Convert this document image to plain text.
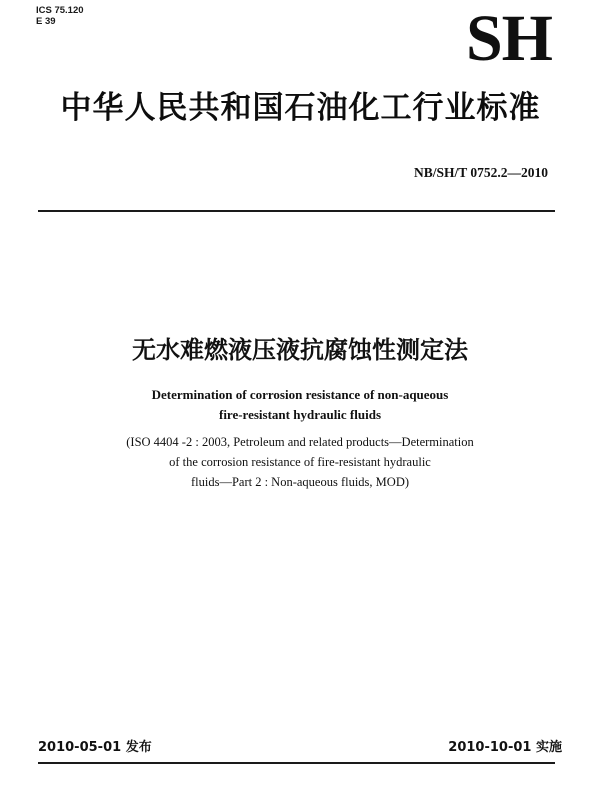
ICS 75.120
E 39	SH
中华人民共和国石油化工行业标准
NB/SH/T 0752.2—2010
无水难燃液压液抗腐蚀性测定法
Determination of corrosion resistance of non-aqueous
fire-resistant hydraulic fluids
(ISO 4404 -2 : 2003, Petroleum and related products—Determination
of the corrosion resistance of fire-resistant hydraulic
fluids—Part 2 : Non-aqueous fluids, MOD)
2010-05-01 发布	2010-10-01 实施
